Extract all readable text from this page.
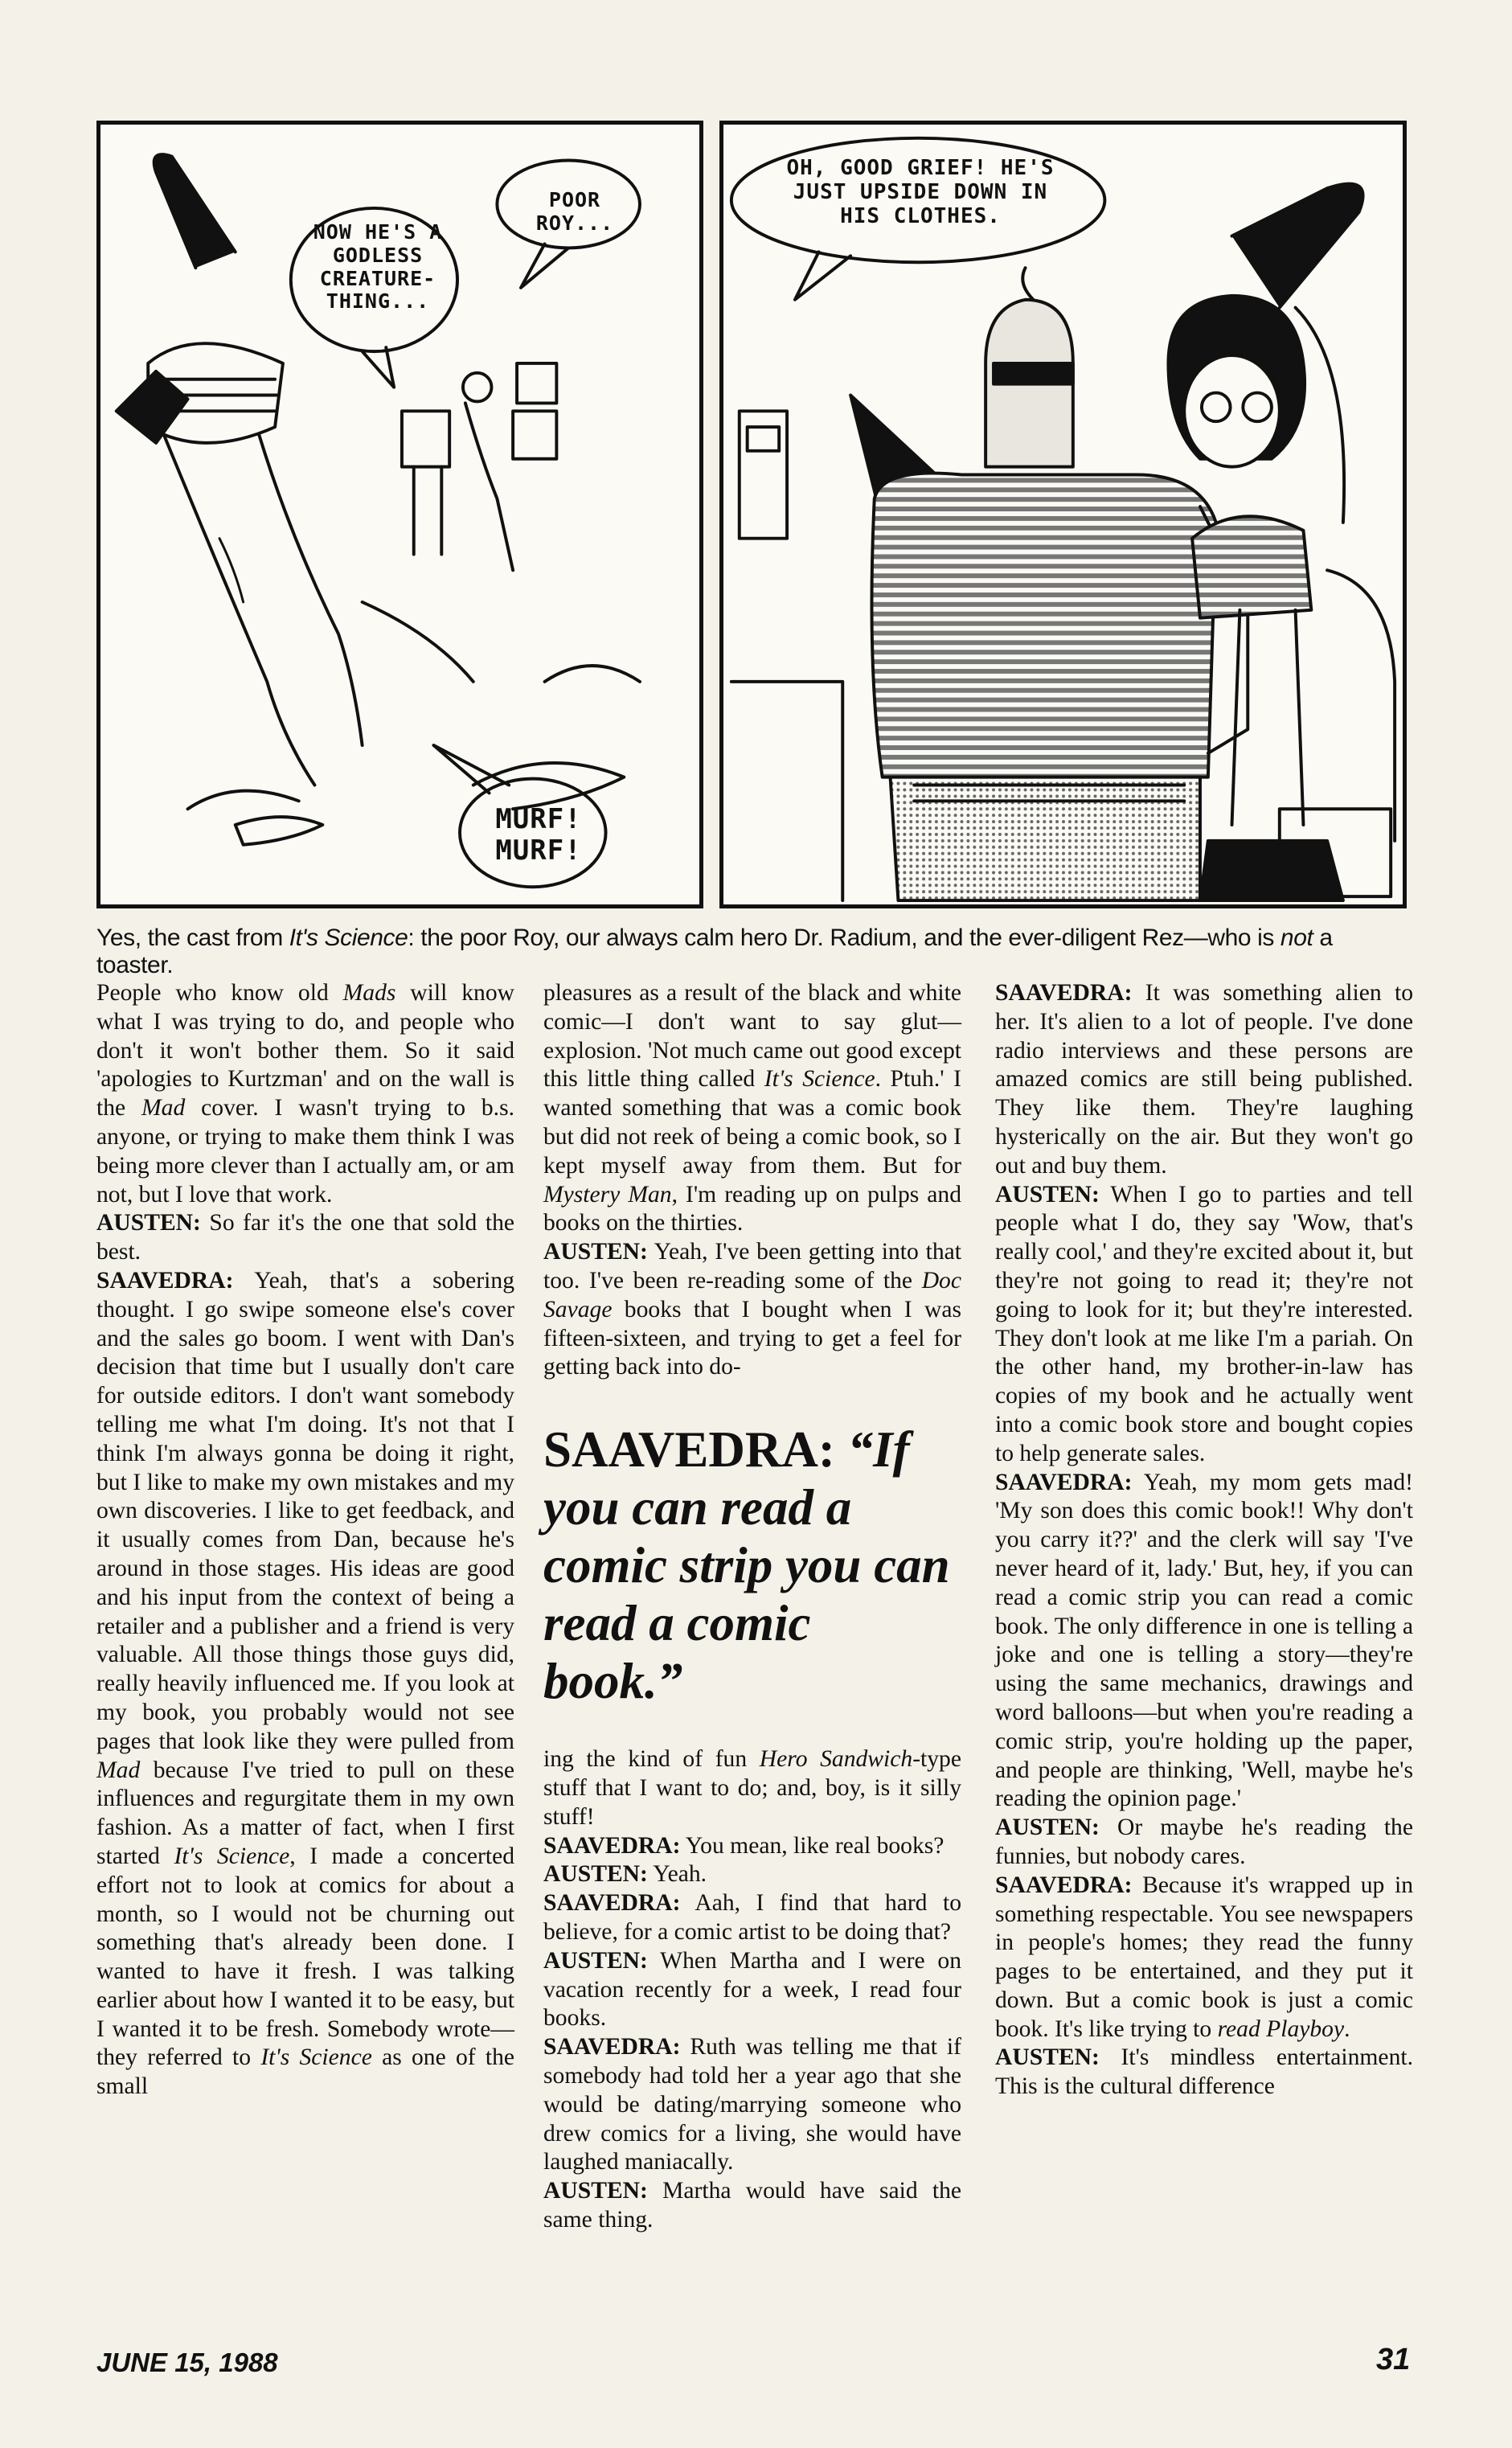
POOR ROY...
NOW HE'S A GODLESS CREATURE- THING...
MURF! MURF!
OH, GOOD GRIEF! HE'S JUST UPSIDE DOWN IN HIS CLOTHES.
Yes, the cast from It's Science: the poor Roy, our always calm hero Dr. Radium, and the ever-diligent Rez—who is not a toaster.

People who know old Mads will know what I was trying to do, and people who don't it won't bother them. So it said 'apologies to Kurtzman' and on the wall is the Mad cover. I wasn't trying to b.s. anyone, or trying to make them think I was being more clever than I actually am, or am not, but I love that work.

AUSTEN: So far it's the one that sold the best.

SAAVEDRA: Yeah, that's a sobering thought. I go swipe someone else's cover and the sales go boom. I went with Dan's decision that time but I usually don't care for outside editors. I don't want somebody telling me what I'm doing. It's not that I think I'm always gonna be doing it right, but I like to make my own mistakes and my own discoveries. I like to get feedback, and it usually comes from Dan, because he's around in those stages. His ideas are good and his input from the context of being a retailer and a publisher and a friend is very valuable. All those things those guys did, really heavily influenced me. If you look at my book, you probably would not see pages that look like they were pulled from Mad because I've tried to pull on these influences and regurgitate them in my own fashion. As a matter of fact, when I first started It's Science, I made a concerted effort not to look at comics for about a month, so I would not be churning out something that's already been done. I wanted to have it fresh. I was talking earlier about how I wanted it to be easy, but I wanted it to be fresh. Somebody wrote—they referred to It's Science as one of the small

pleasures as a result of the black and white comic—I don't want to say glut—explosion. 'Not much came out good except this little thing called It's Science. Ptuh.' I wanted something that was a comic book but did not reek of being a comic book, so I kept myself away from them. But for Mystery Man, I'm reading up on pulps and books on the thirties.

AUSTEN: Yeah, I've been getting into that too. I've been re-reading some of the Doc Savage books that I bought when I was fifteen-sixteen, and trying to get a feel for getting back into do-

SAAVEDRA: “If you can read a comic strip you can read a comic book.”

ing the kind of fun Hero Sandwich-type stuff that I want to do; and, boy, is it silly stuff!

SAAVEDRA: You mean, like real books?

AUSTEN: Yeah.

SAAVEDRA: Aah, I find that hard to believe, for a comic artist to be doing that?

AUSTEN: When Martha and I were on vacation recently for a week, I read four books.

SAAVEDRA: Ruth was telling me that if somebody had told her a year ago that she would be dating/marrying someone who drew comics for a living, she would have laughed maniacally.

AUSTEN: Martha would have said the same thing.

SAAVEDRA: It was something alien to her. It's alien to a lot of people. I've done radio interviews and these persons are amazed comics are still being published. They like them. They're laughing hysterically on the air. But they won't go out and buy them.

AUSTEN: When I go to parties and tell people what I do, they say 'Wow, that's really cool,' and they're excited about it, but they're not going to read it; they're not going to look for it; but they're interested. They don't look at me like I'm a pariah. On the other hand, my brother-in-law has copies of my book and he actually went into a comic book store and bought copies to help generate sales.

SAAVEDRA: Yeah, my mom gets mad! 'My son does this comic book!! Why don't you carry it??' and the clerk will say 'I've never heard of it, lady.' But, hey, if you can read a comic strip you can read a comic book. The only difference in one is telling a joke and one is telling a story—they're using the same mechanics, drawings and word balloons—but when you're reading a comic strip, you're holding up the paper, and people are thinking, 'Well, maybe he's reading the opinion page.'

AUSTEN: Or maybe he's reading the funnies, but nobody cares.

SAAVEDRA: Because it's wrapped up in something respectable. You see newspapers in people's homes; they read the funny pages to be entertained, and they put it down. But a comic book is just a comic book. It's like trying to read Playboy.

AUSTEN: It's mindless entertainment. This is the cultural difference

JUNE 15, 1988	31
